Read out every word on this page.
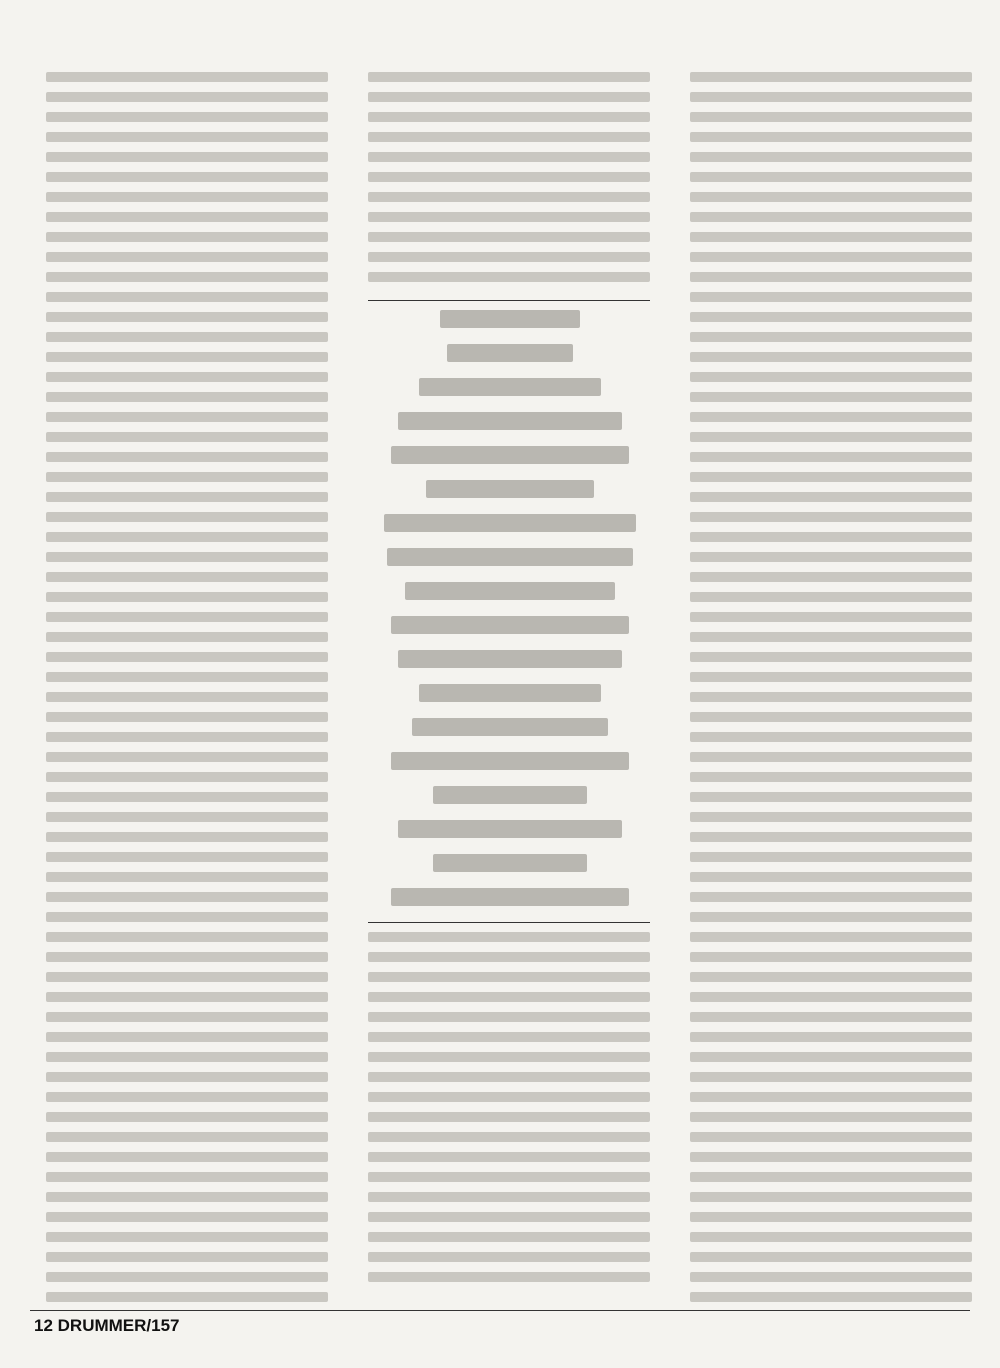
12 DRUMMER/157
